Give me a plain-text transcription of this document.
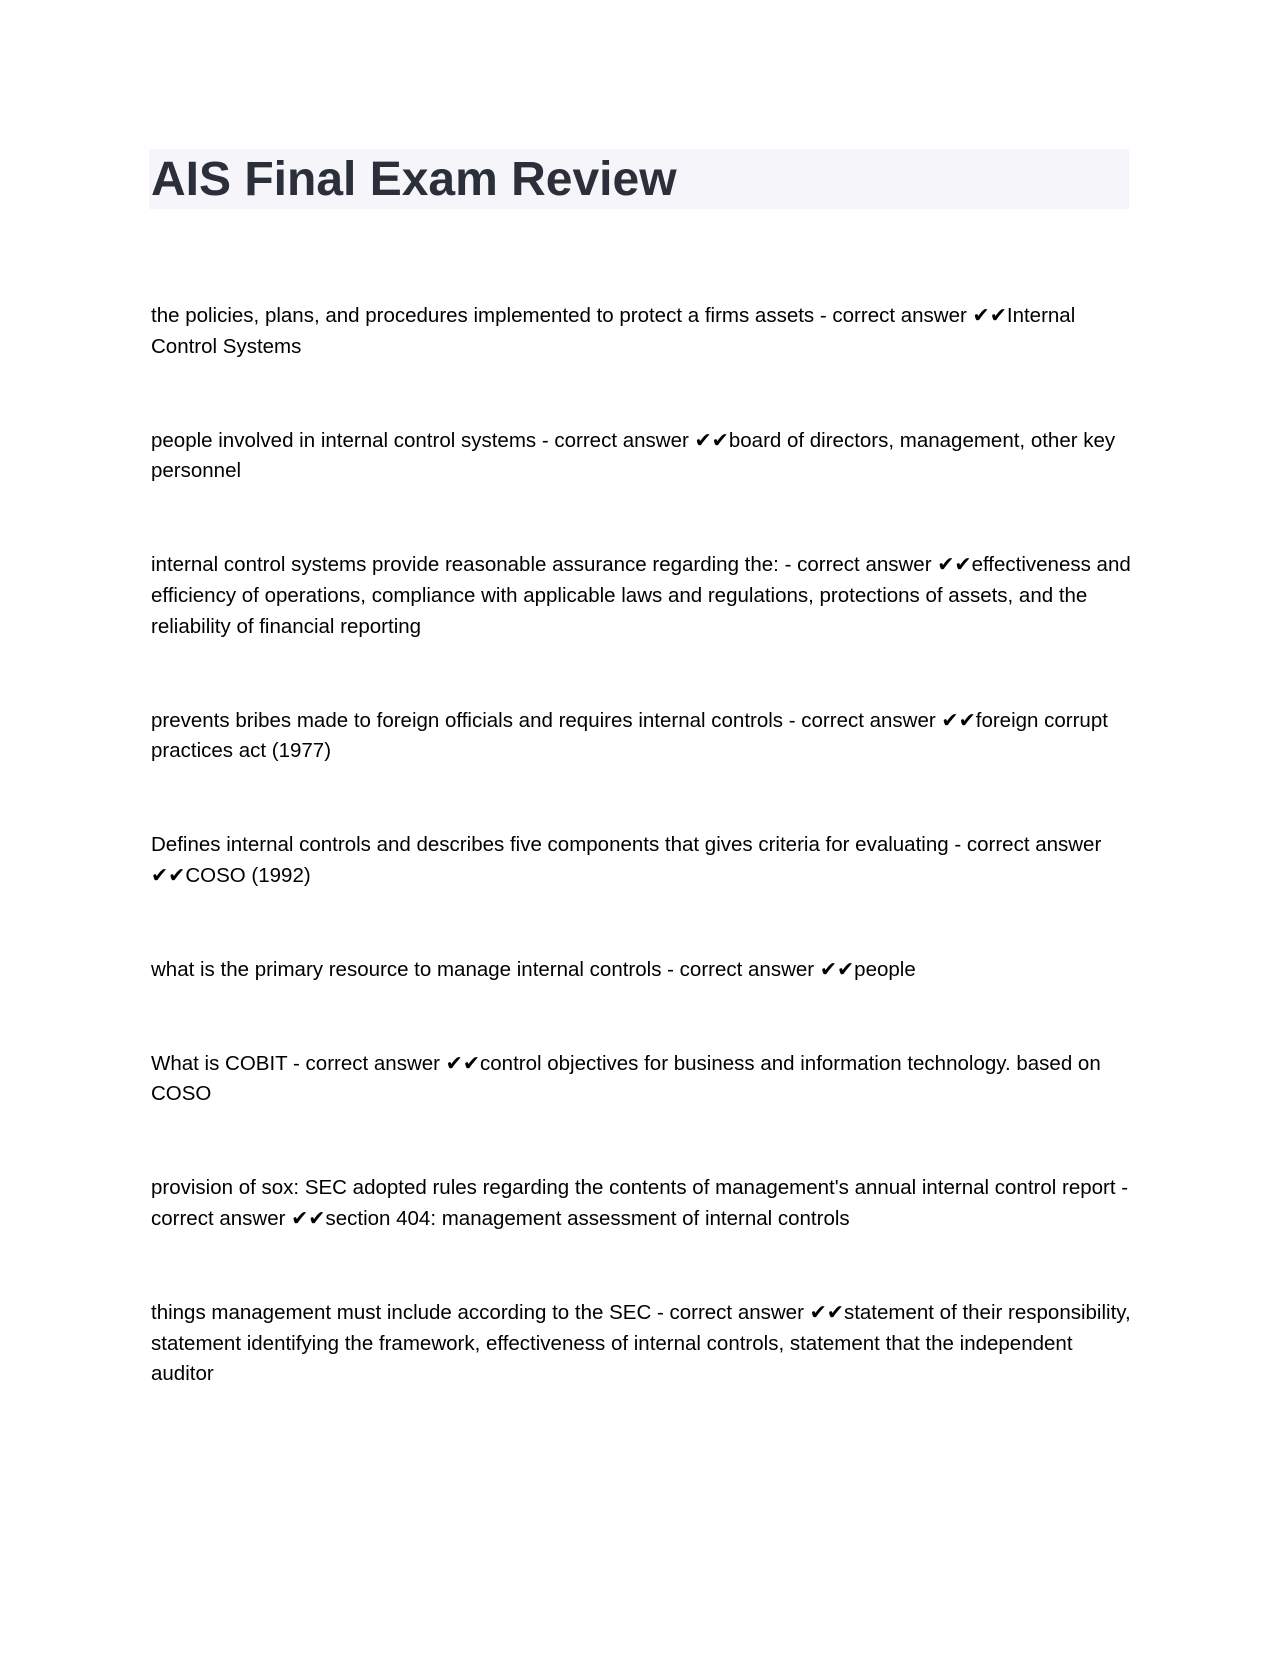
AIS Final Exam Review
the policies, plans, and procedures implemented to protect a firms assets - correct answer ✔✔Internal Control Systems
people involved in internal control systems - correct answer ✔✔board of directors, management, other key personnel
internal control systems provide reasonable assurance regarding the: - correct answer ✔✔effectiveness and efficiency of operations, compliance with applicable laws and regulations, protections of assets, and the reliability of financial reporting
prevents bribes made to foreign officials and requires internal controls - correct answer ✔✔foreign corrupt practices act (1977)
Defines internal controls and describes five components that gives criteria for evaluating - correct answer ✔✔COSO (1992)
what is the primary resource to manage internal controls - correct answer ✔✔people
What is COBIT - correct answer ✔✔control objectives for business and information technology. based on COSO
provision of sox: SEC adopted rules regarding the contents of management's annual internal control report - correct answer ✔✔section 404: management assessment of internal controls
things management must include according to the SEC - correct answer ✔✔statement of their responsibility, statement identifying the framework, effectiveness of internal controls, statement that the independent auditor
